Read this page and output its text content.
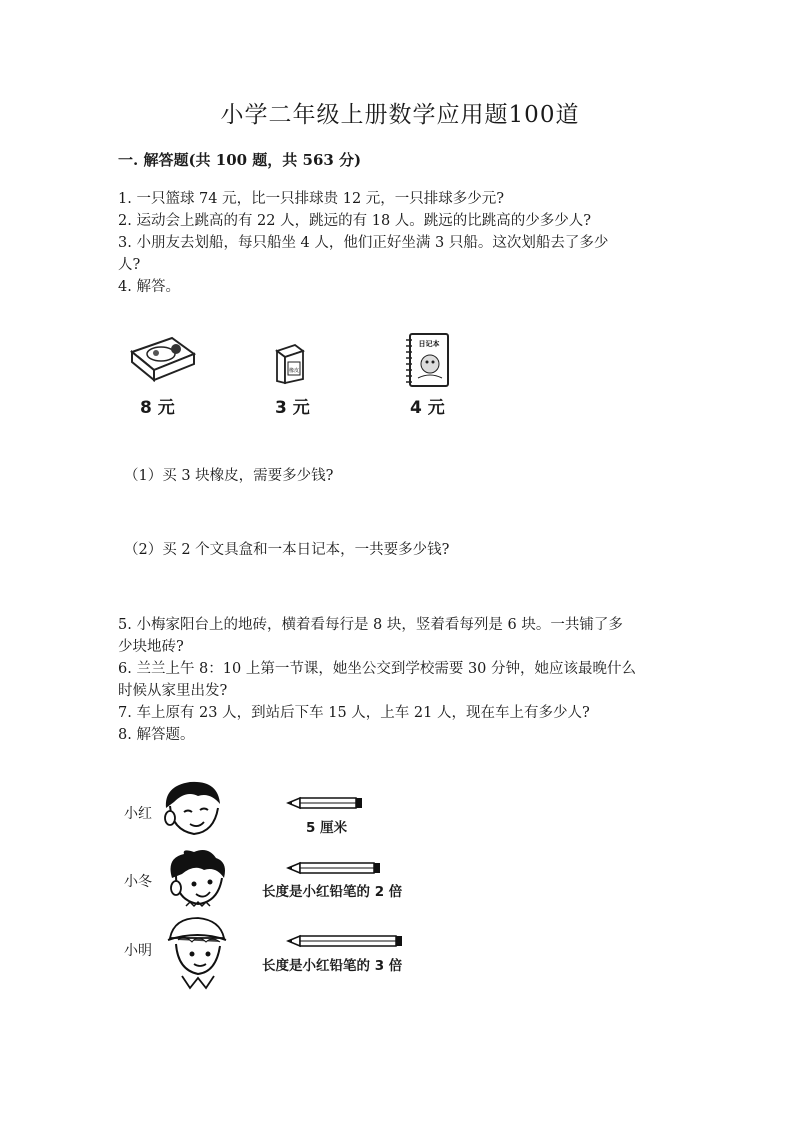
小学二年级上册数学应用题100道
一. 解答题(共 100 题，共 563 分)
1. 一只篮球 74 元，比一只排球贵 12 元，一只排球多少元?
2. 运动会上跳高的有 22 人，跳远的有 18 人。跳远的比跳高的少多少人?
3. 小朋友去划船，每只船坐 4 人，他们正好坐满 3 只船。这次划船去了多少
人?
4. 解答。
8 元
橡皮
3 元
日记本
4 元
（1）买 3 块橡皮，需要多少钱?
（2）买 2 个文具盒和一本日记本，一共要多少钱?
5. 小梅家阳台上的地砖，横着看每行是 8 块，竖着看每列是 6 块。一共铺了多
少块地砖?
6. 兰兰上午 8：10 上第一节课，她坐公交到学校需要 30 分钟，她应该最晚什么
时候从家里出发?
7. 车上原有 23 人，到站后下车 15 人，上车 21 人，现在车上有多少人?
8. 解答题。
小红
5 厘米
小冬
长度是小红铅笔的 2 倍
小明
长度是小红铅笔的 3 倍
